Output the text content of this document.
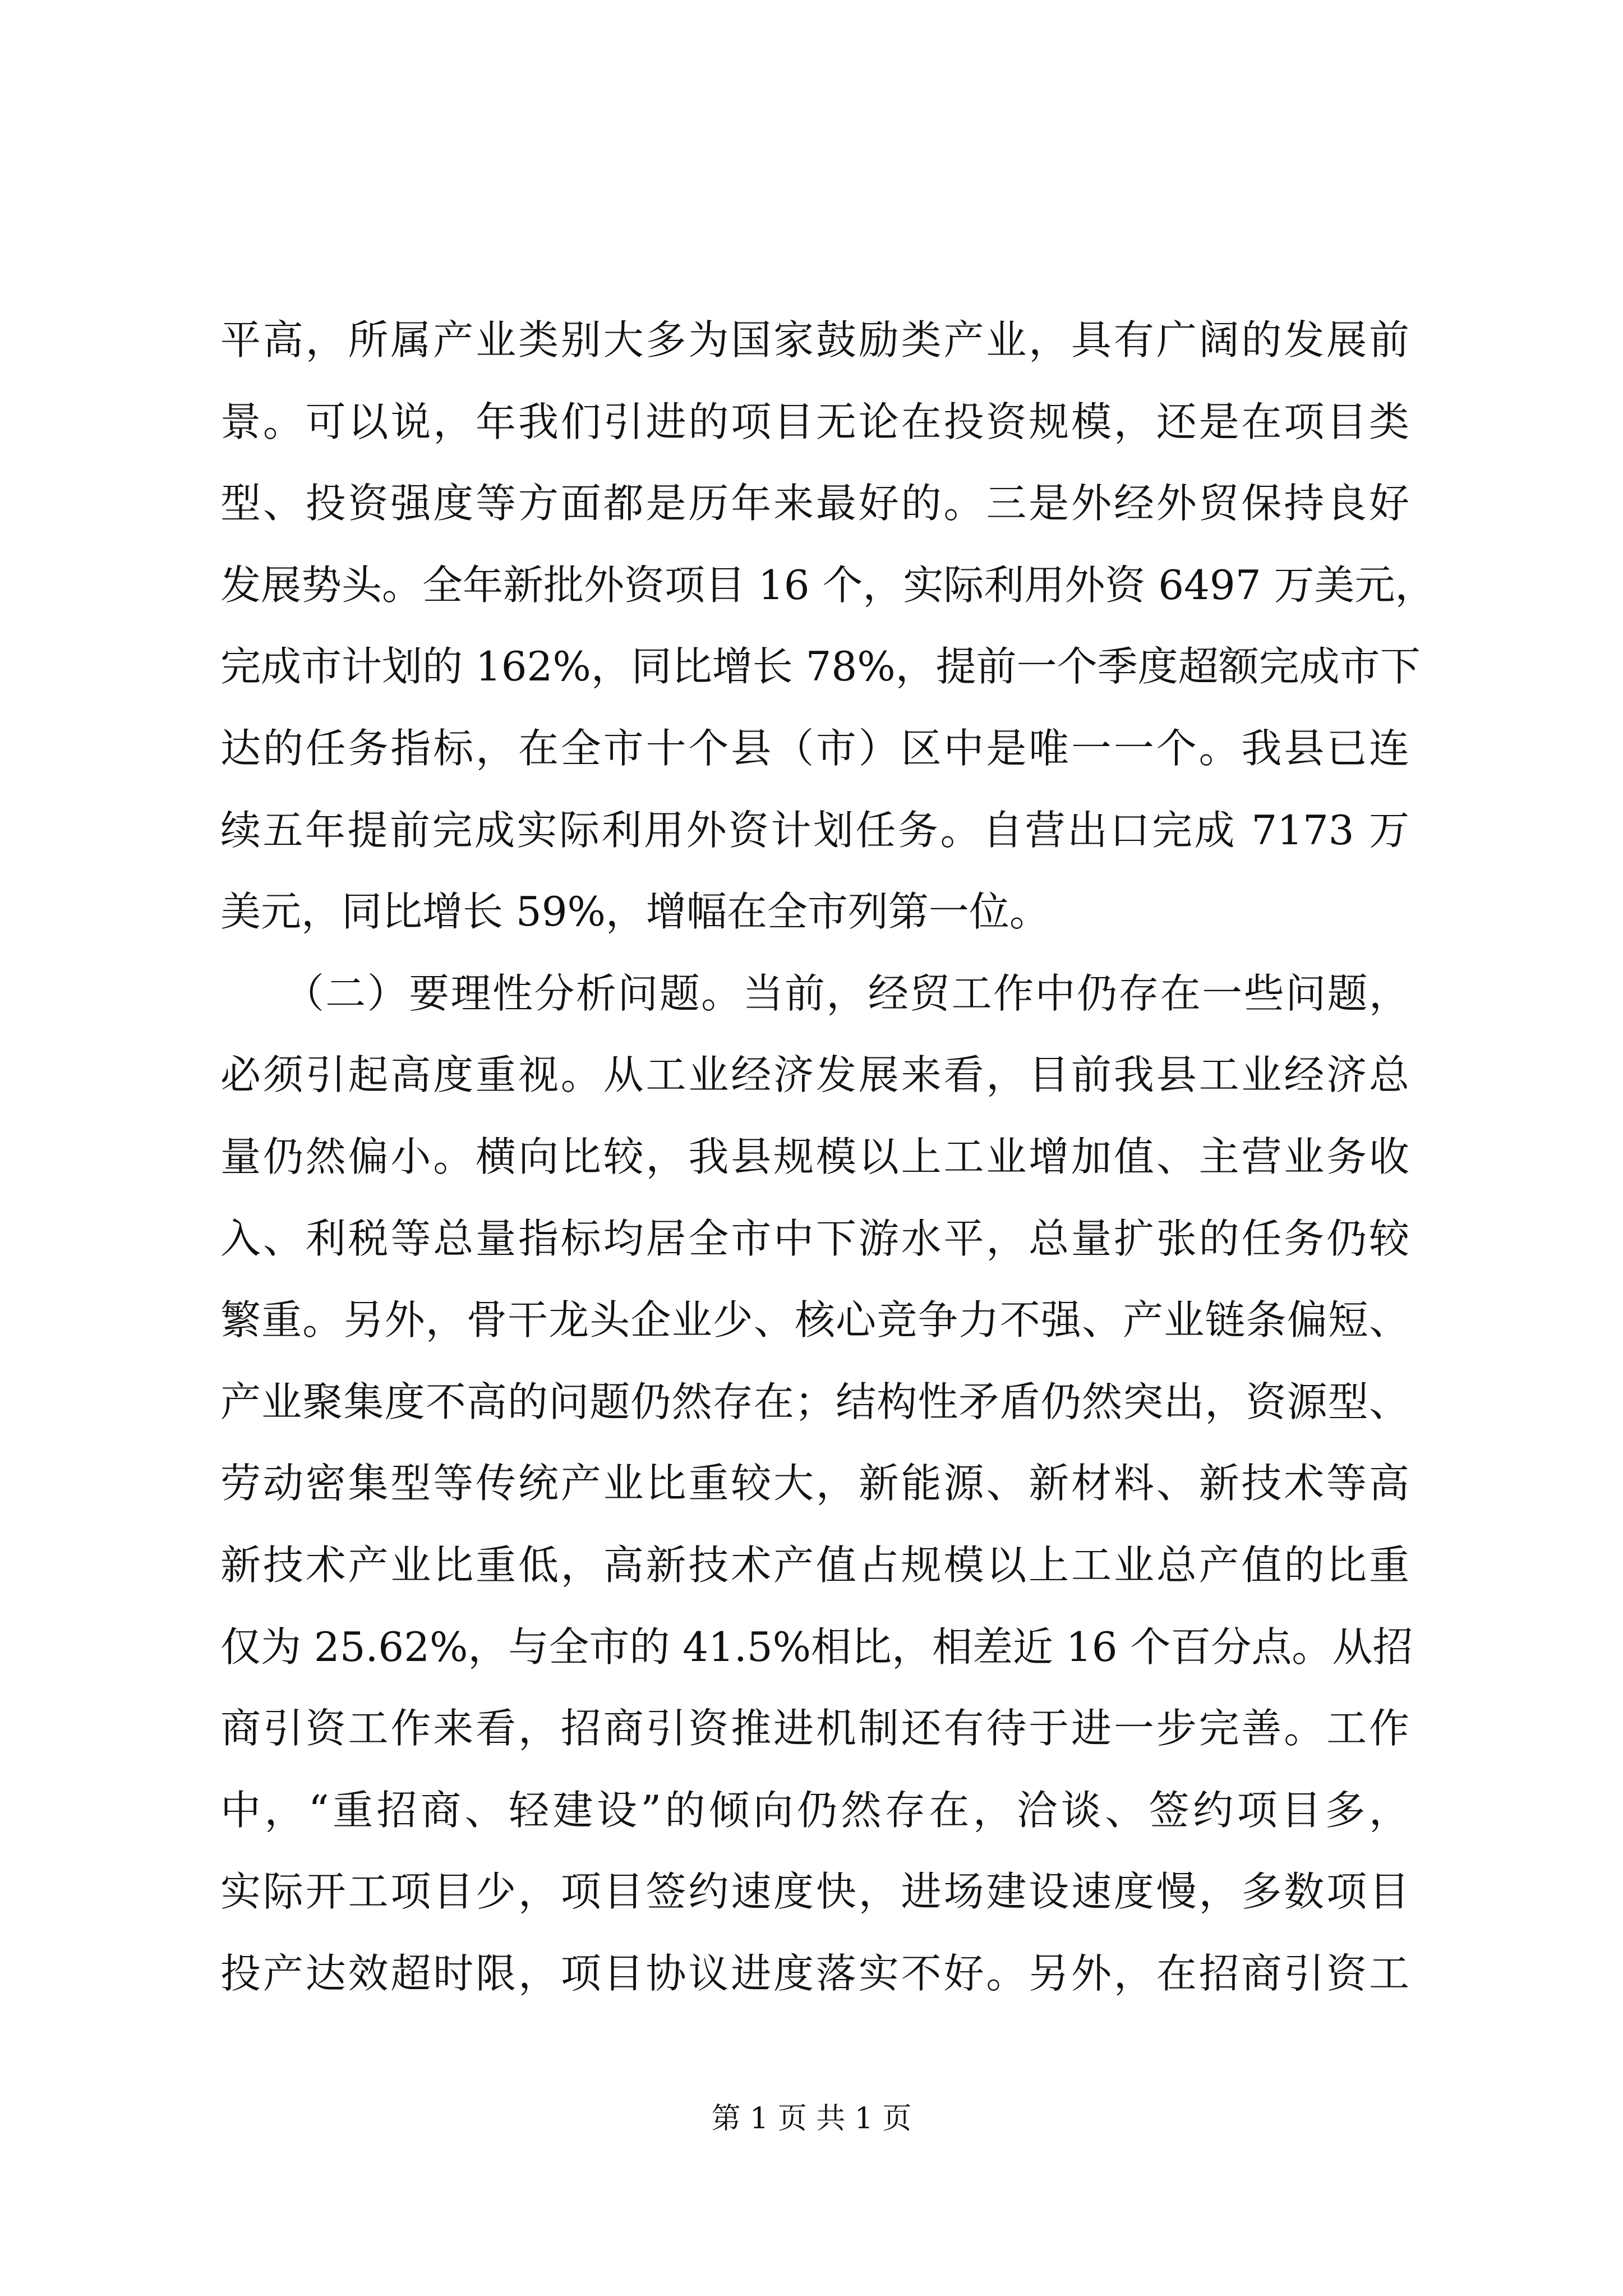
平高，所属产业类别大多为国家鼓励类产业，具有广阔的发展前
景。可以说，年我们引进的项目无论在投资规模，还是在项目类
型、投资强度等方面都是历年来最好的。三是外经外贸保持良好
发展势头。全年新批外资项目 16 个，实际利用外资 6497 万美元，
完成市计划的 162%，同比增长 78%，提前一个季度超额完成市下
达的任务指标，在全市十个县（市）区中是唯一一个。我县已连
续五年提前完成实际利用外资计划任务。自营出口完成 7173 万
美元，同比增长 59%，增幅在全市列第一位。
　　（二）要理性分析问题。当前，经贸工作中仍存在一些问题，
必须引起高度重视。从工业经济发展来看，目前我县工业经济总
量仍然偏小。横向比较，我县规模以上工业增加值、主营业务收
入、利税等总量指标均居全市中下游水平，总量扩张的任务仍较
繁重。另外，骨干龙头企业少、核心竞争力不强、产业链条偏短、
产业聚集度不高的问题仍然存在；结构性矛盾仍然突出，资源型、
劳动密集型等传统产业比重较大，新能源、新材料、新技术等高
新技术产业比重低，高新技术产值占规模以上工业总产值的比重
仅为 25.62%，与全市的 41.5%相比，相差近 16 个百分点。从招
商引资工作来看，招商引资推进机制还有待于进一步完善。工作
中，“重招商、轻建设”的倾向仍然存在，洽谈、签约项目多，
实际开工项目少，项目签约速度快，进场建设速度慢，多数项目
投产达效超时限，项目协议进度落实不好。另外，在招商引资工
第 1 页 共 1 页
